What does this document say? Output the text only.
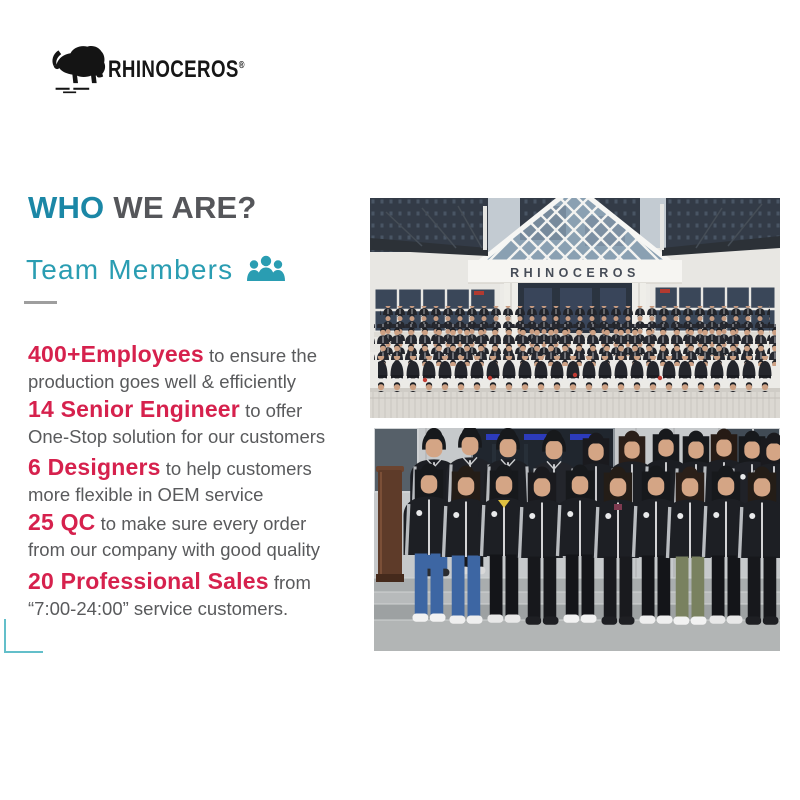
RHINOCEROS®
WHO WE ARE?
Team Members
400+Employees to ensure the
production goes well & efficiently
14 Senior Engineer to offer
One-Stop solution for our customers
6 Designers to help customers
more flexible in OEM service
25 QC to make sure every order
from our company with good quality
20 Professional Sales from
“7:00-24:00” service customers.
RHINOCEROS
